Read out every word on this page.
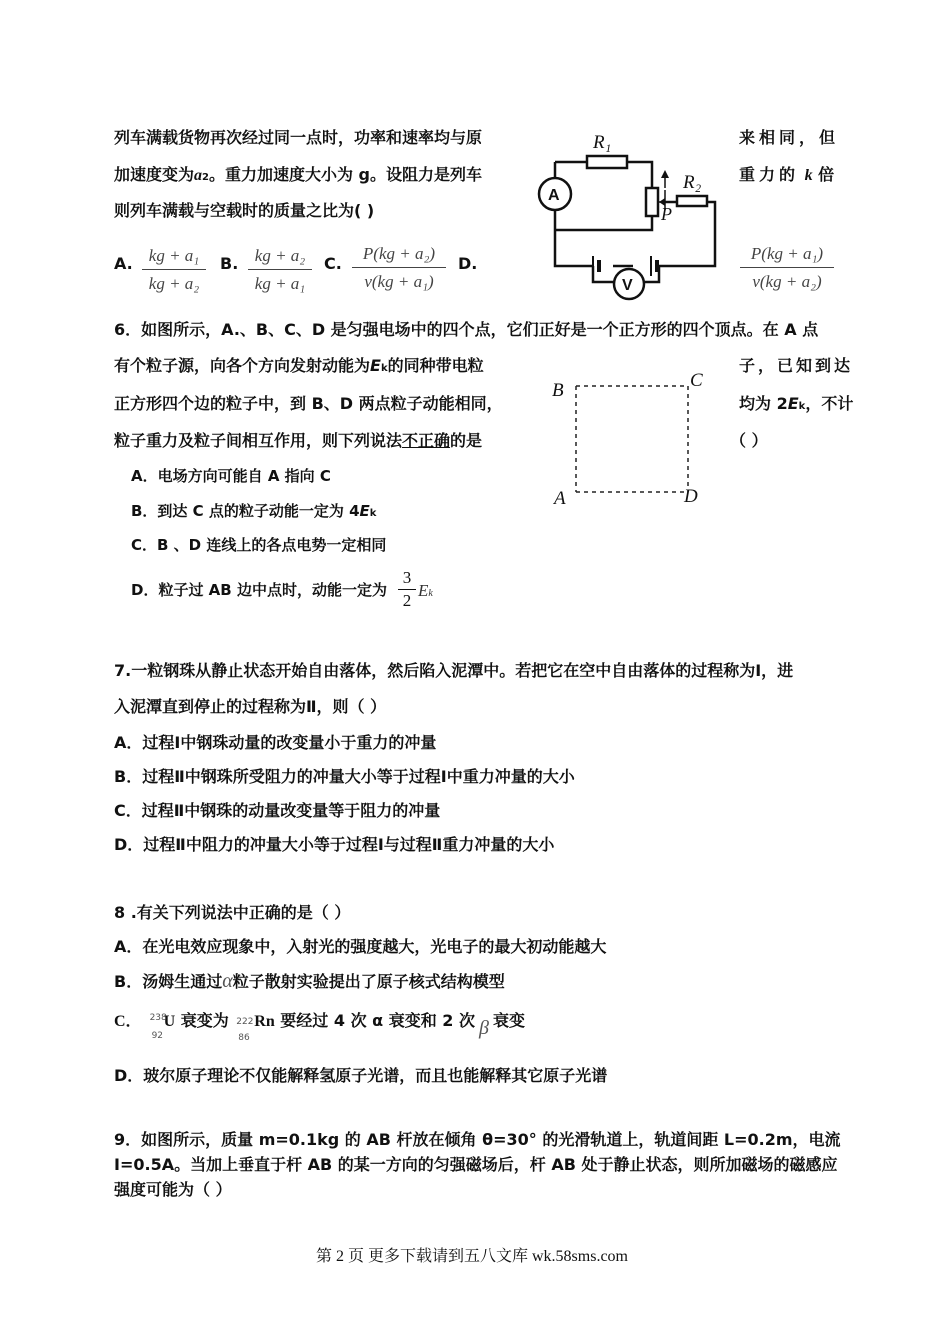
列车满载货物再次经过同一点时，功率和速率均与原	来相同，但
加速度变为a2。重力加速度大小为 g。设阻力是列车	重力的 k 倍
则列车满载与空载时的质量之比为( )
A. kg + a₁
kg + a₂
B. kg + a₂
kg + a₁
C.
P(kg + a₂)
v(kg + a₁)
D.
P(kg + a₁)
v(kg + a₂)
R₁
R₂
P
A
V
6．如图所示，A.、B、C、D 是匀强电场中的四个点，它们正好是一个正方形的四个顶点。在 A 点
有个粒子源，向各个方向发射动能为Ek的同种带电粒	子，已知到达
正方形四个边的粒子中，到 B、D 两点粒子动能相同，	均为 2Ek，不计
粒子重力及粒子间相互作用，则下列说法不正确的是	（ ）
A．电场方向可能自 A 指向 C
B．到达 C 点的粒子动能一定为 4Ek
C．B 、D 连线上的各点电势一定相同
D．粒子过 AB 边中点时，动能一定为
3
2
Ek
B	C
A	D
7.一粒钢珠从静止状态开始自由落体，然后陷入泥潭中。若把它在空中自由落体的过程称为Ⅰ，进
入泥潭直到停止的过程称为Ⅱ，则（ ）
A．过程Ⅰ中钢珠动量的改变量小于重力的冲量
B．过程Ⅱ中钢珠所受阻力的冲量大小等于过程Ⅰ中重力冲量的大小
C．过程Ⅱ中钢珠的动量改变量等于阻力的冲量
D．过程Ⅱ中阻力的冲量大小等于过程Ⅰ与过程Ⅱ重力冲量的大小
8 .有关下列说法中正确的是（ ）
A．在光电效应现象中，入射光的强度越大，光电子的最大初动能越大
B．汤姆生通过α粒子散射实验提出了原子核式结构模型
C． 238
92
U 衰变为 222
86
Rn 要经过 4 次 α 衰变和 2 次 β 衰变
D．玻尔原子理论不仅能解释氢原子光谱，而且也能解释其它原子光谱
9．如图所示，质量 m=0.1kg 的 AB 杆放在倾角 θ=30° 的光滑轨道上，轨道间距 L=0.2m，电流
I=0.5A。当加上垂直于杆 AB 的某一方向的匀强磁场后，杆 AB 处于静止状态，则所加磁场的磁感应
强度可能为（ ）
第 2 页 更多下载请到五八文库 wk.58sms.com
